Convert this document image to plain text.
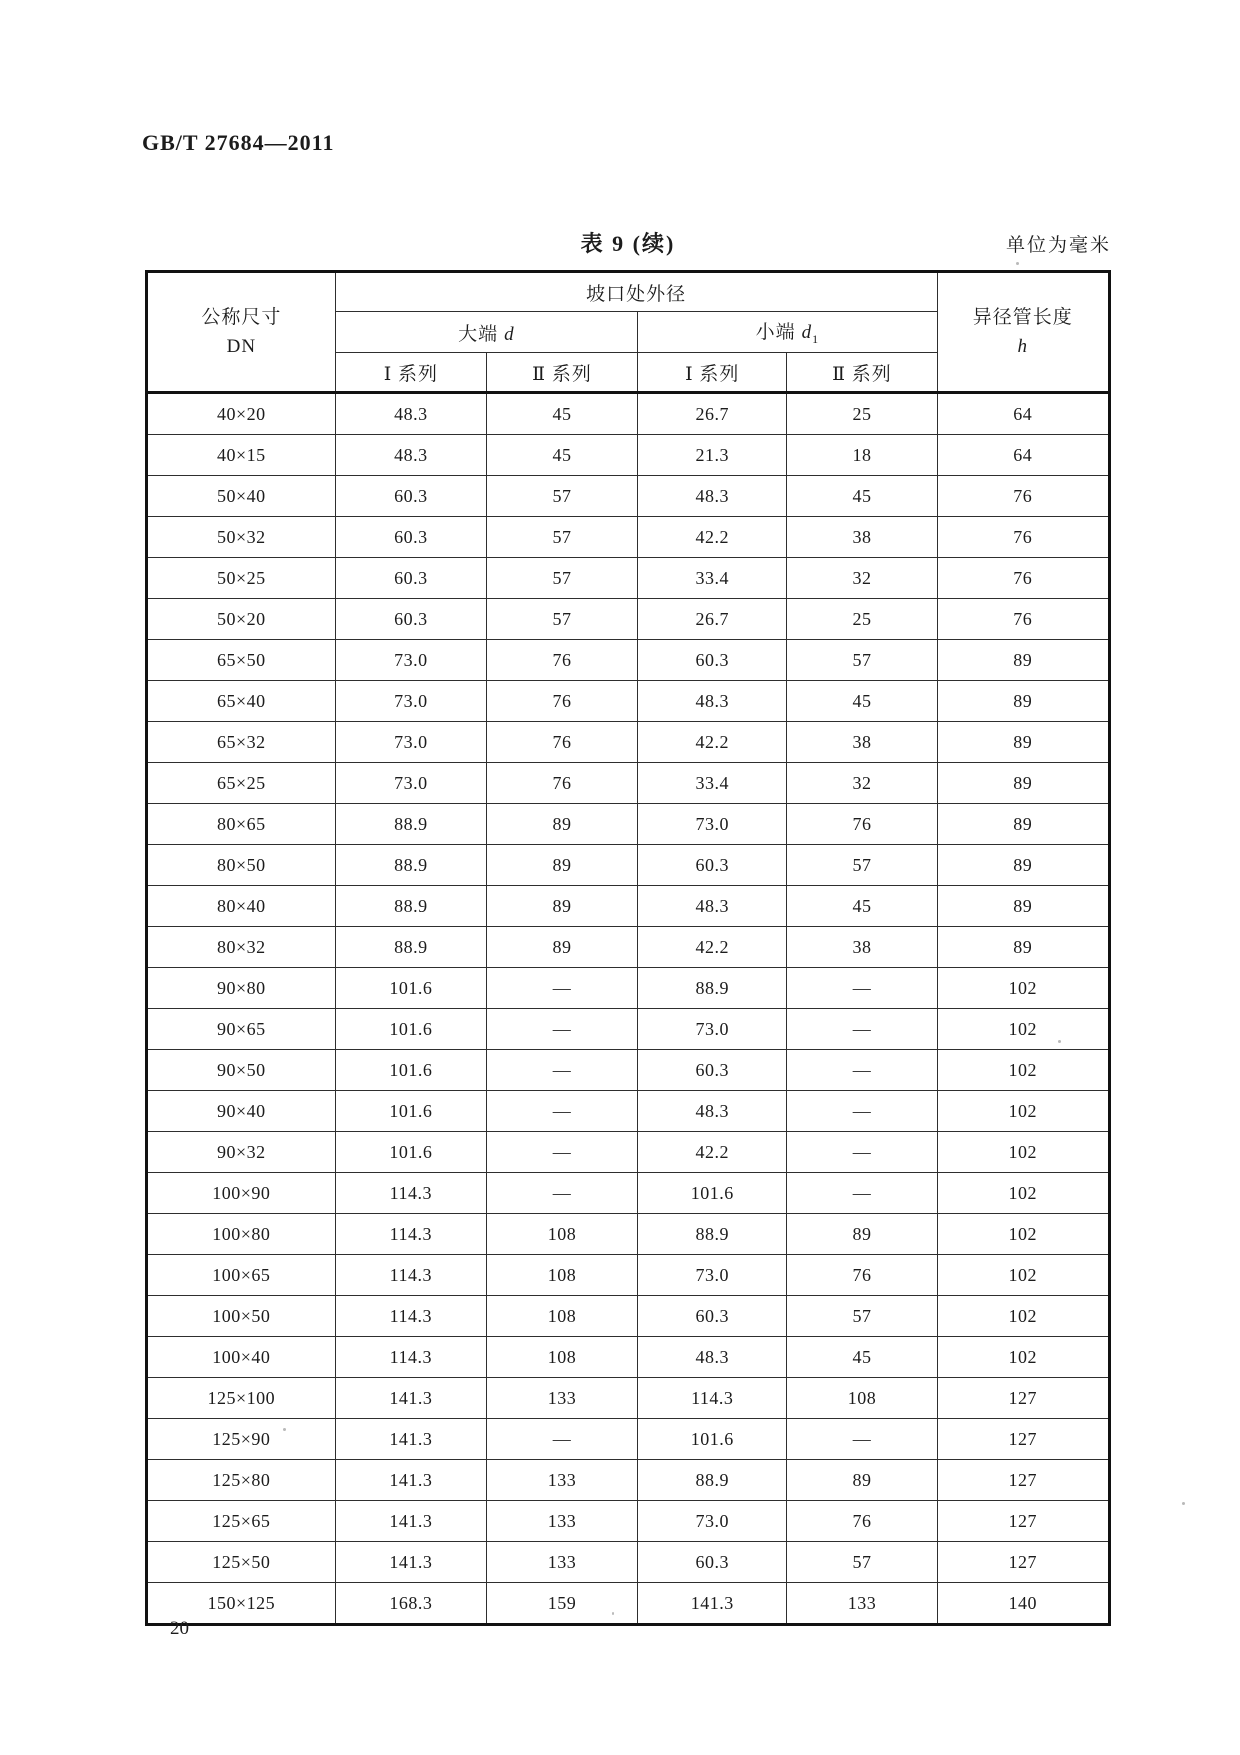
GB/T 27684—2011
表 9 (续)	单位为毫米
公称尺寸
DN
	坡口处外径	
异径管长度
h

	大端 d		小端 $d_1$
	Ⅰ 系列	Ⅱ 系列	Ⅰ 系列	Ⅱ 系列	
40×20	48.3	45	26.7	25	64
40×15	48.3	45	21.3	18	64
50×40	60.3	57	48.3	45	76
50×32	60.3	57	42.2	38	76
50×25	60.3	57	33.4	32	76
50×20	60.3	57	26.7	25	76
65×50	73.0	76	60.3	57	89
65×40	73.0	76	48.3	45	89
65×32	73.0	76	42.2	38	89
65×25	73.0	76	33.4	32	89
80×65	88.9	89	73.0	76	89
80×50	88.9	89	60.3	57	89
80×40	88.9	89	48.3	45	89
80×32	88.9	89	42.2	38	89
90×80	101.6	—	88.9	—	102
90×65	101.6	—	73.0	—	102
90×50	101.6	—	60.3	—	102
90×40	101.6	—	48.3	—	102
90×32	101.6	—	42.2	—	102
100×90	114.3	—	101.6	—	102
100×80	114.3	108	88.9	89	102
100×65	114.3	108	73.0	76	102
100×50	114.3	108	60.3	57	102
100×40	114.3	108	48.3	45	102
125×100	141.3	133	114.3	108	127
125×90	141.3	—	101.6	—	127
125×80	141.3	133	88.9	89	127
125×65	141.3	133	73.0	76	127
125×50	141.3	133	60.3	57	127
150×125	168.3	159	141.3	133	140
20
